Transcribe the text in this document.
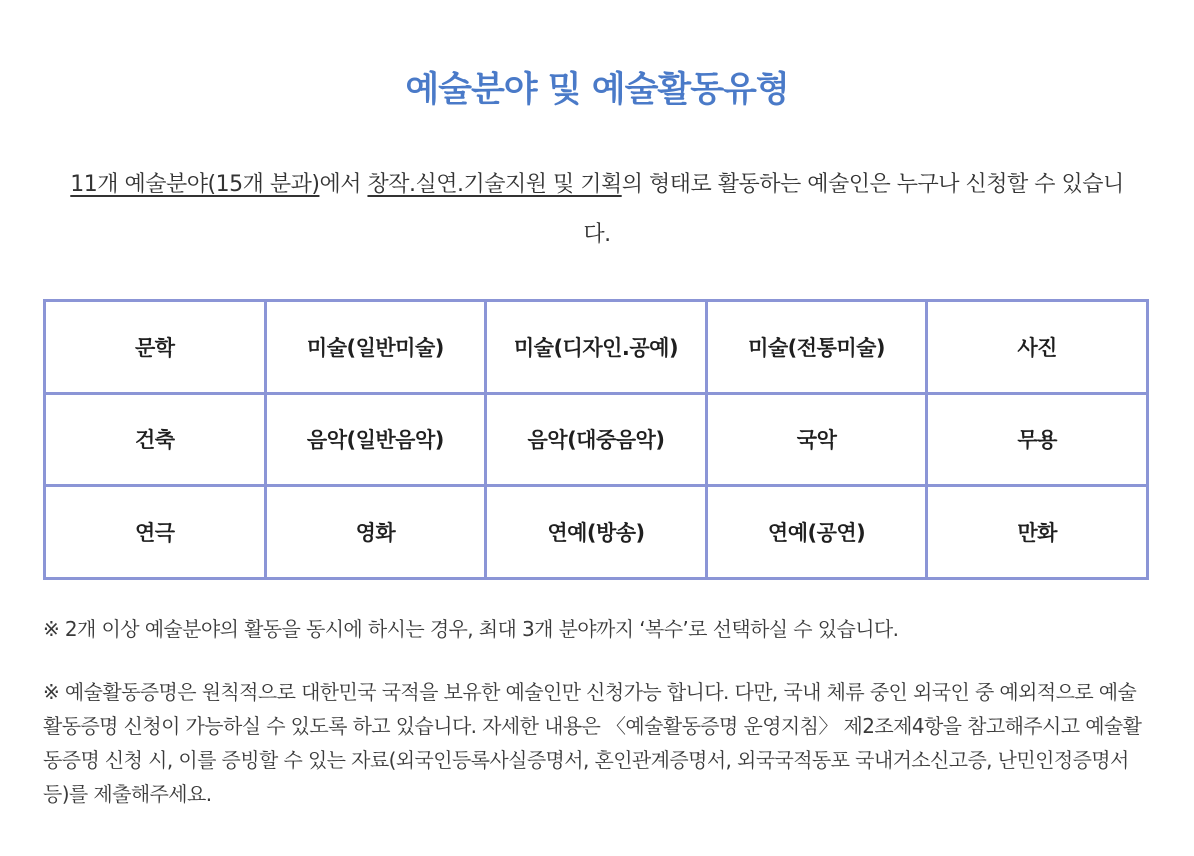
예술분야 및 예술활동유형
11개 예술분야(15개 분과)에서 창작.실연.기술지원 및 기획의 형태로 활동하는 예술인은 누구나 신청할 수 있습니다.
문학	미술(일반미술)	미술(디자인.공예)	미술(전통미술)	사진
건축	음악(일반음악)	음악(대중음악)	국악	무용
연극	영화	연예(방송)	연예(공연)	만화

※ 2개 이상 예술분야의 활동을 동시에 하시는 경우, 최대 3개 분야까지 ‘복수’로 선택하실 수 있습니다.

※ 예술활동증명은 원칙적으로 대한민국 국적을 보유한 예술인만 신청가능 합니다. 다만, 국내 체류 중인 외국인 중 예외적으로 예술활동증명 신청이 가능하실 수 있도록 하고 있습니다. 자세한 내용은 〈예술활동증명 운영지침〉 제2조제4항을 참고해주시고 예술활동증명 신청 시, 이를 증빙할 수 있는 자료(외국인등록사실증명서, 혼인관계증명서, 외국국적동포 국내거소신고증, 난민인정증명서 등)를 제출해주세요.
